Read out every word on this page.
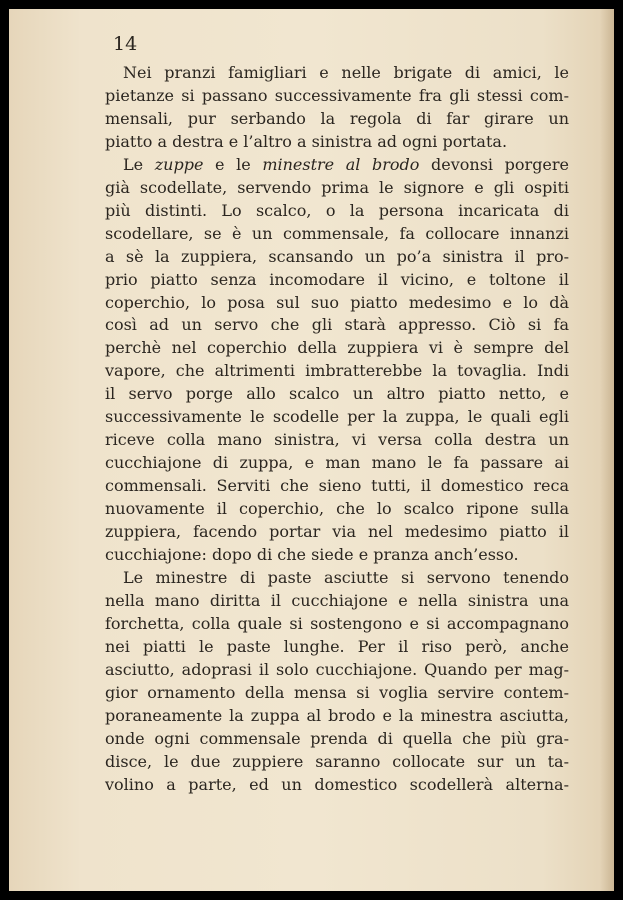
14

Nei pranzi famigliari e nelle brigate di amici, le
pietanze si passano successivamente fra gli stessi com-
mensali, pur serbando la regola di far girare un
piatto a destra e l’altro a sinistra ad ogni portata.
Le zuppe e le minestre al brodo devonsi porgere
già scodellate, servendo prima le signore e gli ospiti
più distinti. Lo scalco, o la persona incaricata di
scodellare, se è un commensale, fa collocare innanzi
a sè la zuppiera, scansando un po’a sinistra il pro-
prio piatto senza incomodare il vicino, e toltone il
coperchio, lo posa sul suo piatto medesimo e lo dà
così ad un servo che gli starà appresso. Ciò si fa
perchè nel coperchio della zuppiera vi è sempre del
vapore, che altrimenti imbratterebbe la tovaglia. Indi
il servo porge allo scalco un altro piatto netto, e
successivamente le scodelle per la zuppa, le quali egli
riceve colla mano sinistra, vi versa colla destra un
cucchiajone di zuppa, e man mano le fa passare ai
commensali. Serviti che sieno tutti, il domestico reca
nuovamente il coperchio, che lo scalco ripone sulla
zuppiera, facendo portar via nel medesimo piatto il
cucchiajone: dopo di che siede e pranza anch’esso.
Le minestre di paste asciutte si servono tenendo
nella mano diritta il cucchiajone e nella sinistra una
forchetta, colla quale si sostengono e si accompagnano
nei piatti le paste lunghe. Per il riso però, anche
asciutto, adoprasi il solo cucchiajone. Quando per mag-
gior ornamento della mensa si voglia servire contem-
poraneamente la zuppa al brodo e la minestra asciutta,
onde ogni commensale prenda di quella che più gra-
disce, le due zuppiere saranno collocate sur un ta-
volino a parte, ed un domestico scodellerà alterna-
